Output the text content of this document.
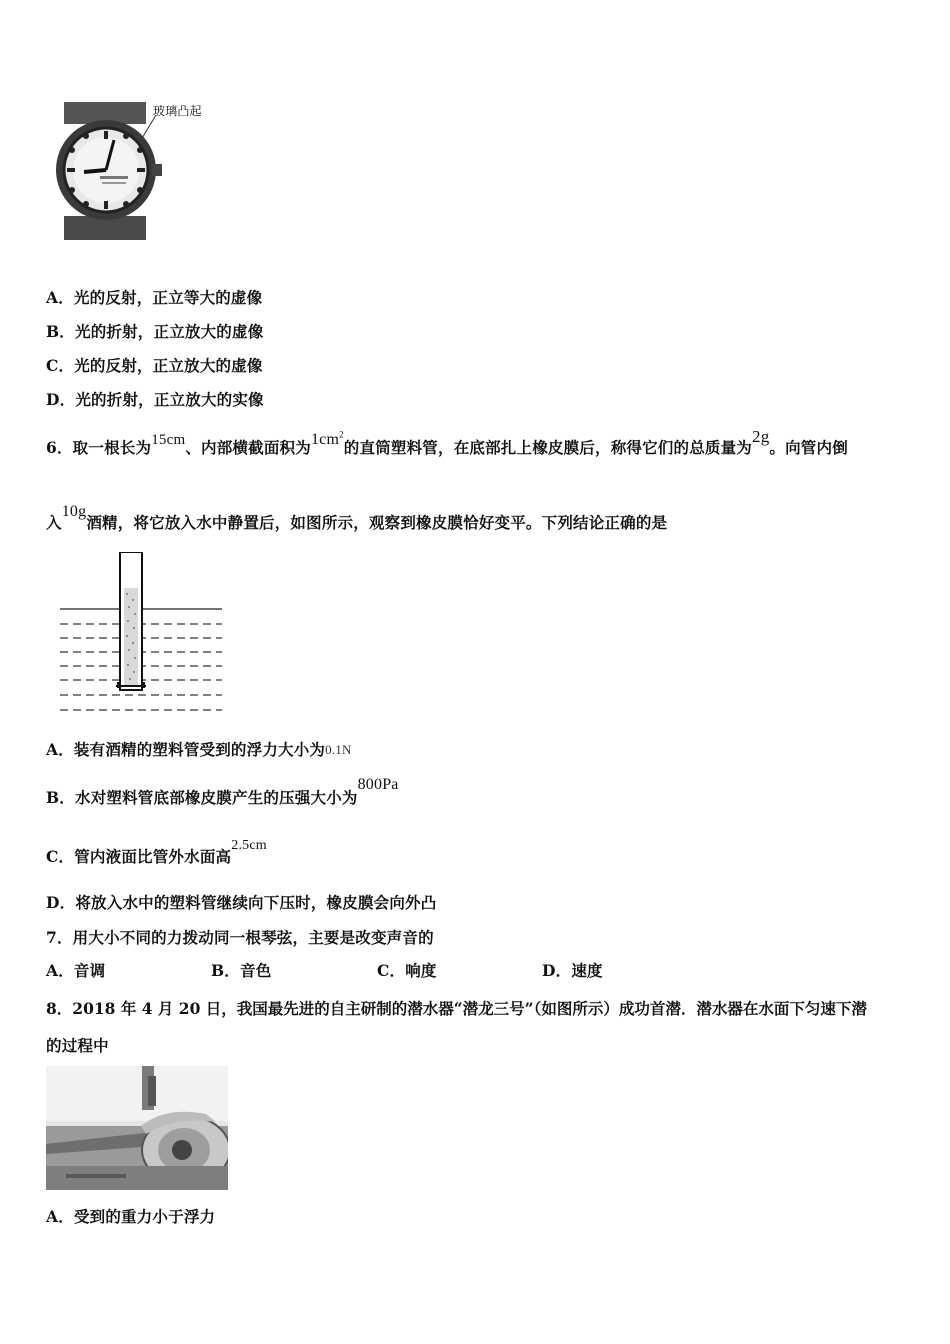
玻璃凸起
A．光的反射，正立等大的虚像
B．光的折射，正立放大的虚像
C．光的反射，正立放大的虚像
D．光的折射，正立放大的实像
6．取一根长为15cm、内部横截面积为$1cm^2$的直筒塑料管，在底部扎上橡皮膜后，称得它们的总质量为2g。向管内倒
入10g酒精，将它放入水中静置后，如图所示，观察到橡皮膜恰好变平。下列结论正确的是
A．装有酒精的塑料管受到的浮力大小为0.1N
B．水对塑料管底部橡皮膜产生的压强大小为800Pa
C．管内液面比管外水面高2.5cm
D．将放入水中的塑料管继续向下压时，橡皮膜会向外凸
7．用大小不同的力拨动同一根琴弦，主要是改变声音的
A．音调	B．音色	C．响度	D．速度
8．2018 年 4 月 20 日，我国最先进的自主研制的潜水器“潜龙三号”（如图所示）成功首潜．潜水器在水面下匀速下潜
的过程中
A．受到的重力小于浮力
